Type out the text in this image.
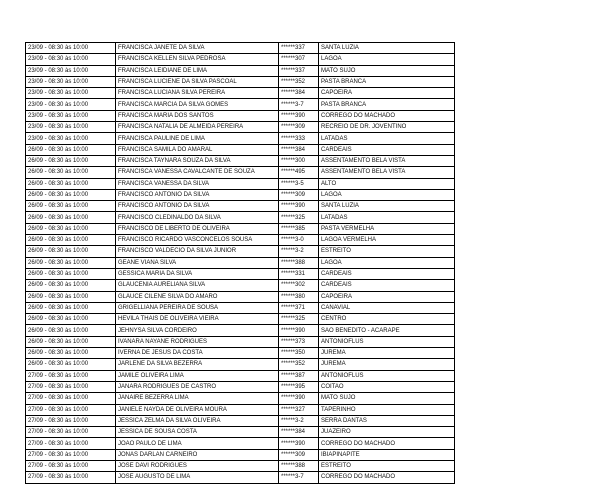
23/09 - 08:30 às 10:00	FRANCISCA JANETE DA SILVA	******337	SANTA LUZIA
23/09 - 08:30 às 10:00	FRANCISCA KELLEN SILVA PEDROSA	******307	LAGOA
23/09 - 08:30 às 10:00	FRANCISCA LEIDIANE DE LIMA	******337	MATO SUJO
23/09 - 08:30 às 10:00	FRANCISCA LUCIENE DA SILVA PASCOAL	******352	PASTA BRANCA
23/09 - 08:30 às 10:00	FRANCISCA LUCIANA SILVA PEREIRA	******384	CAPOEIRA
23/09 - 08:30 às 10:00	FRANCISCA MARCIA DA SILVA GOMES	******3-7	PASTA BRANCA
23/09 - 08:30 às 10:00	FRANCISCA MARIA DOS SANTOS	******390	CORREGO DO MACHADO
23/09 - 08:30 às 10:00	FRANCISCA NATALIA DE ALMEIDA PEREIRA	******309	RECREIO DE DR. JOVENTINO
23/09 - 08:30 às 10:00	FRANCISCA PAULINE DE LIMA	******333	LATADAS
26/09 - 08:30 às 10:00	FRANCISCA SAMILA DO AMARAL	******384	CARDEAIS
26/09 - 08:30 às 10:00	FRANCISCA TAYNARA SOUZA DA SILVA	******300	ASSENTAMENTO BELA VISTA
26/09 - 08:30 às 10:00	FRANCISCA VANESSA CAVALCANTE DE SOUZA	******495	ASSENTAMENTO BELA VISTA
26/09 - 08:30 às 10:00	FRANCISCA VANESSA DA SILVA	******3-5	ALTO
26/09 - 08:30 às 10:00	FRANCISCO ANTONIO DA SILVA	******309	LAGOA
26/09 - 08:30 às 10:00	FRANCISCO ANTONIO DA SILVA	******390	SANTA LUZIA
26/09 - 08:30 às 10:00	FRANCISCO CLEDINALDO DA SILVA	******325	LATADAS
26/09 - 08:30 às 10:00	FRANCISCO DE LIBERTO DE OLIVEIRA	******385	PASTA VERMELHA
26/09 - 08:30 às 10:00	FRANCISCO RICARDO VASCONCELOS SOUSA	******3-0	LAGOA VERMELHA
26/09 - 08:30 às 10:00	FRANCISCO VALDECIO DA SILVA JUNIOR	******3-2	ESTREITO
26/09 - 08:30 às 10:00	GEANE VIANA SILVA	******388	LAGOA
26/09 - 08:30 às 10:00	GESSICA MARIA DA SILVA	******331	CARDEAIS
26/09 - 08:30 às 10:00	GLAUCENIA AURELIANA SILVA	******302	CARDEAIS
26/09 - 08:30 às 10:00	GLAUCE CILENE SILVA DO AMARO	******380	CAPOEIRA
26/09 - 08:30 às 10:00	GRIGELLIANA PEREIRA DE SOUSA	******371	CANAVIAL
26/09 - 08:30 às 10:00	HEVILA THAIS DE OLIVEIRA VIEIRA	******325	CENTRO
26/09 - 08:30 às 10:00	JEHNYSA SILVA CORDEIRO	******390	SAO BENEDITO - ACARAPE
26/09 - 08:30 às 10:00	IVANARA NAYANE RODRIGUES	******373	ANTONIOFLUS
26/09 - 08:30 às 10:00	IVERNA DE JESUS DA COSTA	******350	JUREMA
26/09 - 08:30 às 10:00	JARLENE DA SILVA BEZERRA	******352	JUREMA
27/09 - 08:30 às 10:00	JAMILE OLIVEIRA LIMA	******387	ANTONIOFLUS
27/09 - 08:30 às 10:00	JANARA RODRIGUES DE CASTRO	******395	COITAO
27/09 - 08:30 às 10:00	JANAIRE BEZERRA LIMA	******390	MATO SUJO
27/09 - 08:30 às 10:00	JANIELE NAYDA DE OLIVEIRA MOURA	******327	TAPERINHO
27/09 - 08:30 às 10:00	JESSICA ZELMA DA SILVA OLIVEIRA	******3-2	SERRA DANTAS
27/09 - 08:30 às 10:00	JESSICA DE SOUSA COSTA	******384	JUAZEIRO
27/09 - 08:30 às 10:00	JOAO PAULO DE LIMA	******390	CORREGO DO MACHADO
27/09 - 08:30 às 10:00	JONAS DARLAN CARNEIRO	******309	IBIAPINAPITE
27/09 - 08:30 às 10:00	JOSE DAVI RODRIGUES	******388	ESTREITO
27/09 - 08:30 às 10:00	JOSE AUGUSTO DE LIMA	******3-7	CORREGO DO MACHADO
